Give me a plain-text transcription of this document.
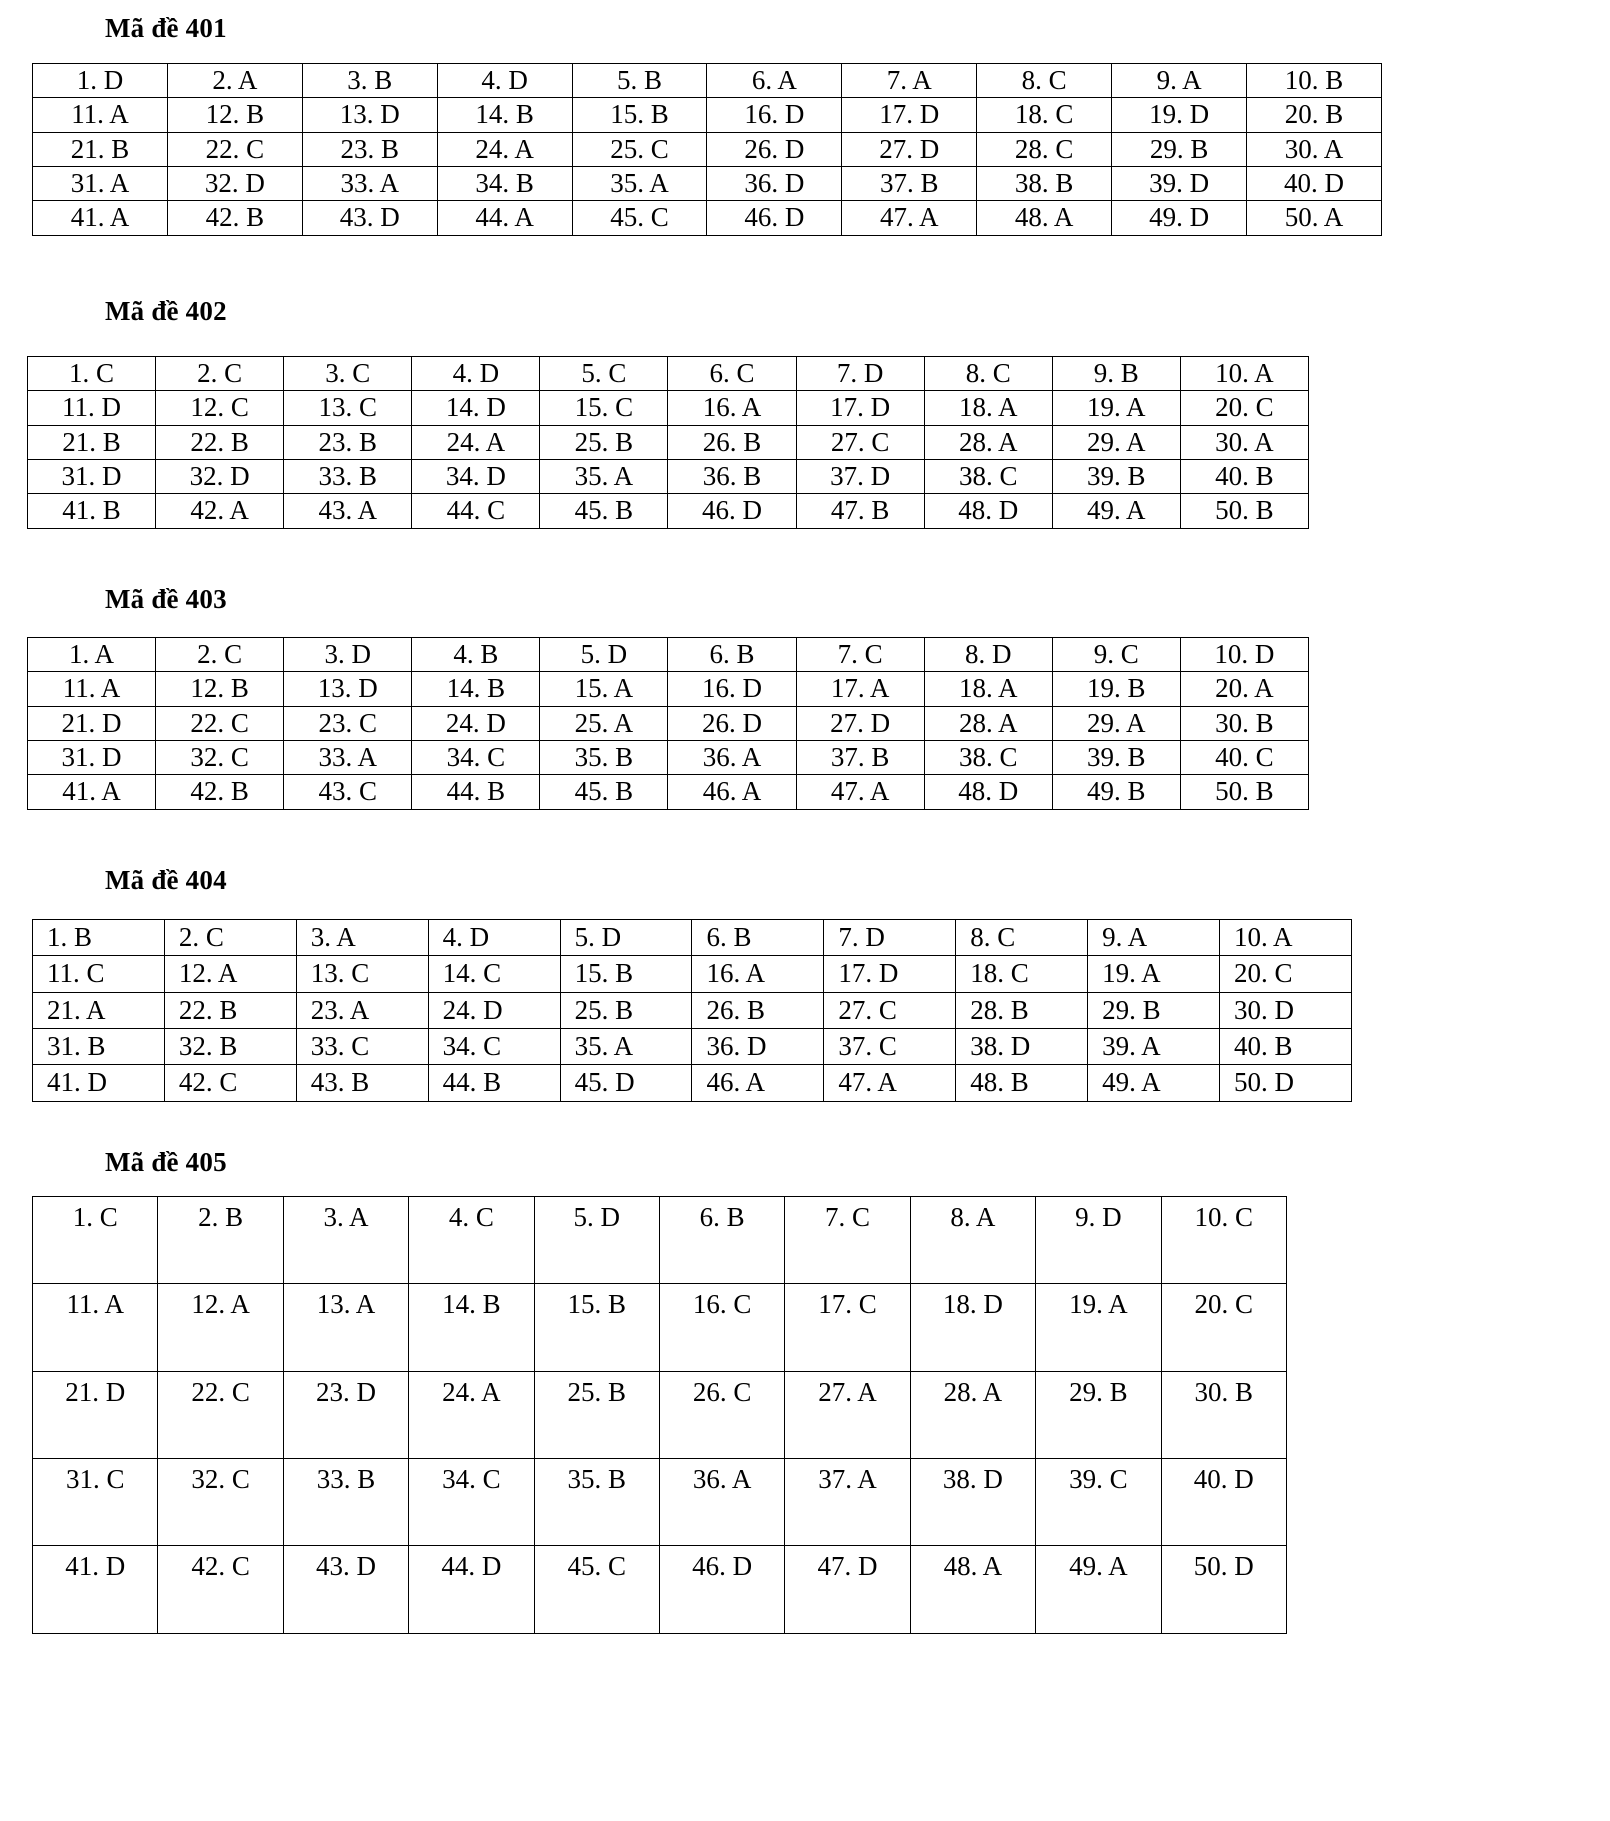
Mã đề 401
1. D	2. A	3. B	4. D	5. B	6. A	7. A	8. C	9. A	10. B
11. A	12. B	13. D	14. B	15. B	16. D	17. D	18. C	19. D	20. B
21. B	22. C	23. B	24. A	25. C	26. D	27. D	28. C	29. B	30. A
31. A	32. D	33. A	34. B	35. A	36. D	37. B	38. B	39. D	40. D
41. A	42. B	43. D	44. A	45. C	46. D	47. A	48. A	49. D	50. A
Mã đề 402
1. C	2. C	3. C	4. D	5. C	6. C	7. D	8. C	9. B	10. A
11. D	12. C	13. C	14. D	15. C	16. A	17. D	18. A	19. A	20. C
21. B	22. B	23. B	24. A	25. B	26. B	27. C	28. A	29. A	30. A
31. D	32. D	33. B	34. D	35. A	36. B	37. D	38. C	39. B	40. B
41. B	42. A	43. A	44. C	45. B	46. D	47. B	48. D	49. A	50. B
Mã đề 403
1. A	2. C	3. D	4. B	5. D	6. B	7. C	8. D	9. C	10. D
11. A	12. B	13. D	14. B	15. A	16. D	17. A	18. A	19. B	20. A
21. D	22. C	23. C	24. D	25. A	26. D	27. D	28. A	29. A	30. B
31. D	32. C	33. A	34. C	35. B	36. A	37. B	38. C	39. B	40. C
41. A	42. B	43. C	44. B	45. B	46. A	47. A	48. D	49. B	50. B
Mã đề 404
1. B	2. C	3. A	4. D	5. D	6. B	7. D	8. C	9. A	10. A
11. C	12. A	13. C	14. C	15. B	16. A	17. D	18. C	19. A	20. C
21. A	22. B	23. A	24. D	25. B	26. B	27. C	28. B	29. B	30. D
31. B	32. B	33. C	34. C	35. A	36. D	37. C	38. D	39. A	40. B
41. D	42. C	43. B	44. B	45. D	46. A	47. A	48. B	49. A	50. D
Mã đề 405
1. C	2. B	3. A	4. C	5. D	6. B	7. C	8. A	9. D	10. C
11. A	12. A	13. A	14. B	15. B	16. C	17. C	18. D	19. A	20. C
21. D	22. C	23. D	24. A	25. B	26. C	27. A	28. A	29. B	30. B
31. C	32. C	33. B	34. C	35. B	36. A	37. A	38. D	39. C	40. D
41. D	42. C	43. D	44. D	45. C	46. D	47. D	48. A	49. A	50. D
